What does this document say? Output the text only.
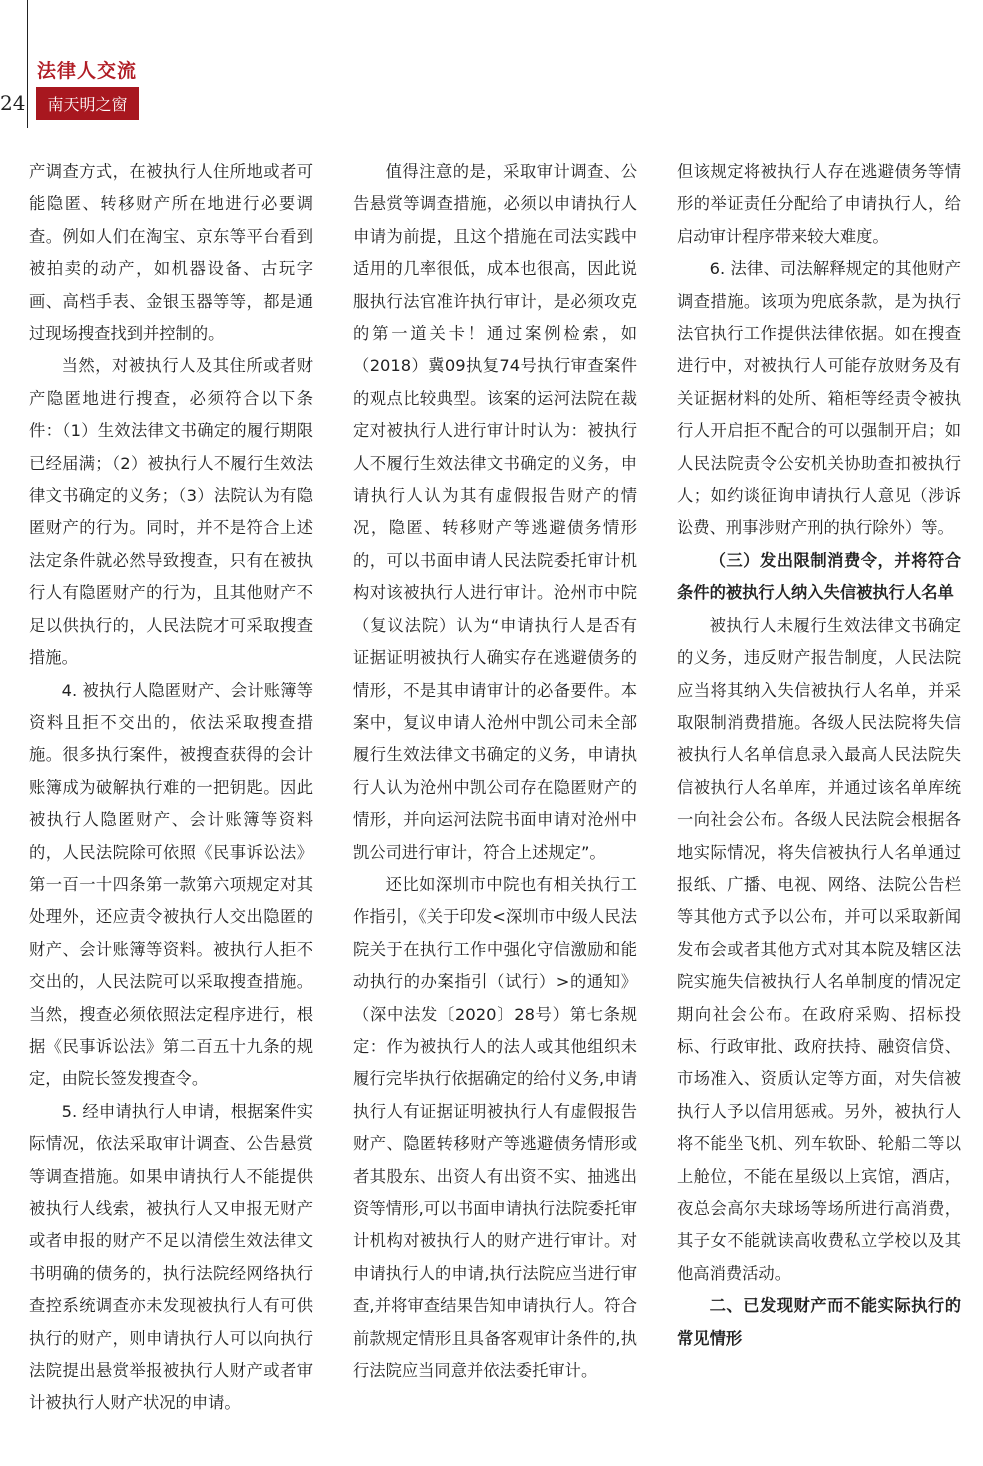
法律人交流
24	南天明之窗

产调查方式，在被执行人住所地或者可能隐匿、转移财产所在地进行必要调查。例如人们在淘宝、京东等平台看到被拍卖的动产，如机器设备、古玩字画、高档手表、金银玉器等等，都是通过现场搜查找到并控制的。

当然，对被执行人及其住所或者财产隐匿地进行搜查，必须符合以下条件：（1）生效法律文书确定的履行期限已经届满；（2）被执行人不履行生效法律文书确定的义务；（3）法院认为有隐匿财产的行为。同时，并不是符合上述法定条件就必然导致搜查，只有在被执行人有隐匿财产的行为，且其他财产不足以供执行的，人民法院才可采取搜查措施。

4. 被执行人隐匿财产、会计账簿等资料且拒不交出的，依法采取搜查措施。很多执行案件，被搜查获得的会计账簿成为破解执行难的一把钥匙。因此被执行人隐匿财产、会计账簿等资料的，人民法院除可依照《民事诉讼法》第一百一十四条第一款第六项规定对其处理外，还应责令被执行人交出隐匿的财产、会计账簿等资料。被执行人拒不交出的，人民法院可以采取搜查措施。当然，搜查必须依照法定程序进行，根据《民事诉讼法》第二百五十九条的规定，由院长签发搜查令。

5. 经申请执行人申请，根据案件实际情况，依法采取审计调查、公告悬赏等调查措施。如果申请执行人不能提供被执行人线索，被执行人又申报无财产或者申报的财产不足以清偿生效法律文书明确的债务的，执行法院经网络执行查控系统调查亦未发现被执行人有可供执行的财产，则申请执行人可以向执行法院提出悬赏举报被执行人财产或者审计被执行人财产状况的申请。

值得注意的是，采取审计调查、公告悬赏等调查措施，必须以申请执行人申请为前提，且这个措施在司法实践中适用的几率很低，成本也很高，因此说服执行法官准许执行审计，是必须攻克的第一道关卡！通过案例检索，如（2018）冀09执复74号执行审查案件的观点比较典型。该案的运河法院在裁定对被执行人进行审计时认为：被执行人不履行生效法律文书确定的义务，申请执行人认为其有虚假报告财产的情况，隐匿、转移财产等逃避债务情形的，可以书面申请人民法院委托审计机构对该被执行人进行审计。沧州市中院（复议法院）认为“申请执行人是否有证据证明被执行人确实存在逃避债务的情形，不是其申请审计的必备要件。本案中，复议申请人沧州中凯公司未全部履行生效法律文书确定的义务，申请执行人认为沧州中凯公司存在隐匿财产的情形，并向运河法院书面申请对沧州中凯公司进行审计，符合上述规定”。

还比如深圳市中院也有相关执行工作指引，《关于印发<深圳市中级人民法院关于在执行工作中强化守信激励和能动执行的办案指引（试行）>的通知》（深中法发〔2020〕28号）第七条规定：作为被执行人的法人或其他组织未履行完毕执行依据确定的给付义务,申请执行人有证据证明被执行人有虚假报告财产、隐匿转移财产等逃避债务情形或者其股东、出资人有出资不实、抽逃出资等情形,可以书面申请执行法院委托审计机构对被执行人的财产进行审计。对申请执行人的申请,执行法院应当进行审查,并将审查结果告知申请执行人。符合前款规定情形且具备客观审计条件的,执行法院应当同意并依法委托审计。

但该规定将被执行人存在逃避债务等情形的举证责任分配给了申请执行人，给启动审计程序带来较大难度。

6. 法律、司法解释规定的其他财产调查措施。该项为兜底条款，是为执行法官执行工作提供法律依据。如在搜查进行中，对被执行人可能存放财务及有关证据材料的处所、箱柜等经责令被执行人开启拒不配合的可以强制开启；如人民法院责令公安机关协助查扣被执行人；如约谈征询申请执行人意见（涉诉讼费、刑事涉财产刑的执行除外）等。

（三）发出限制消费令，并将符合条件的被执行人纳入失信被执行人名单

被执行人未履行生效法律文书确定的义务，违反财产报告制度，人民法院应当将其纳入失信被执行人名单，并采取限制消费措施。各级人民法院将失信被执行人名单信息录入最高人民法院失信被执行人名单库，并通过该名单库统一向社会公布。各级人民法院会根据各地实际情况，将失信被执行人名单通过报纸、广播、电视、网络、法院公告栏等其他方式予以公布，并可以采取新闻发布会或者其他方式对其本院及辖区法院实施失信被执行人名单制度的情况定期向社会公布。在政府采购、招标投标、行政审批、政府扶持、融资信贷、市场准入、资质认定等方面，对失信被执行人予以信用惩戒。另外，被执行人将不能坐飞机、列车软卧、轮船二等以上舱位，不能在星级以上宾馆，酒店，夜总会高尔夫球场等场所进行高消费，其子女不能就读高收费私立学校以及其他高消费活动。

二、已发现财产而不能实际执行的常见情形
